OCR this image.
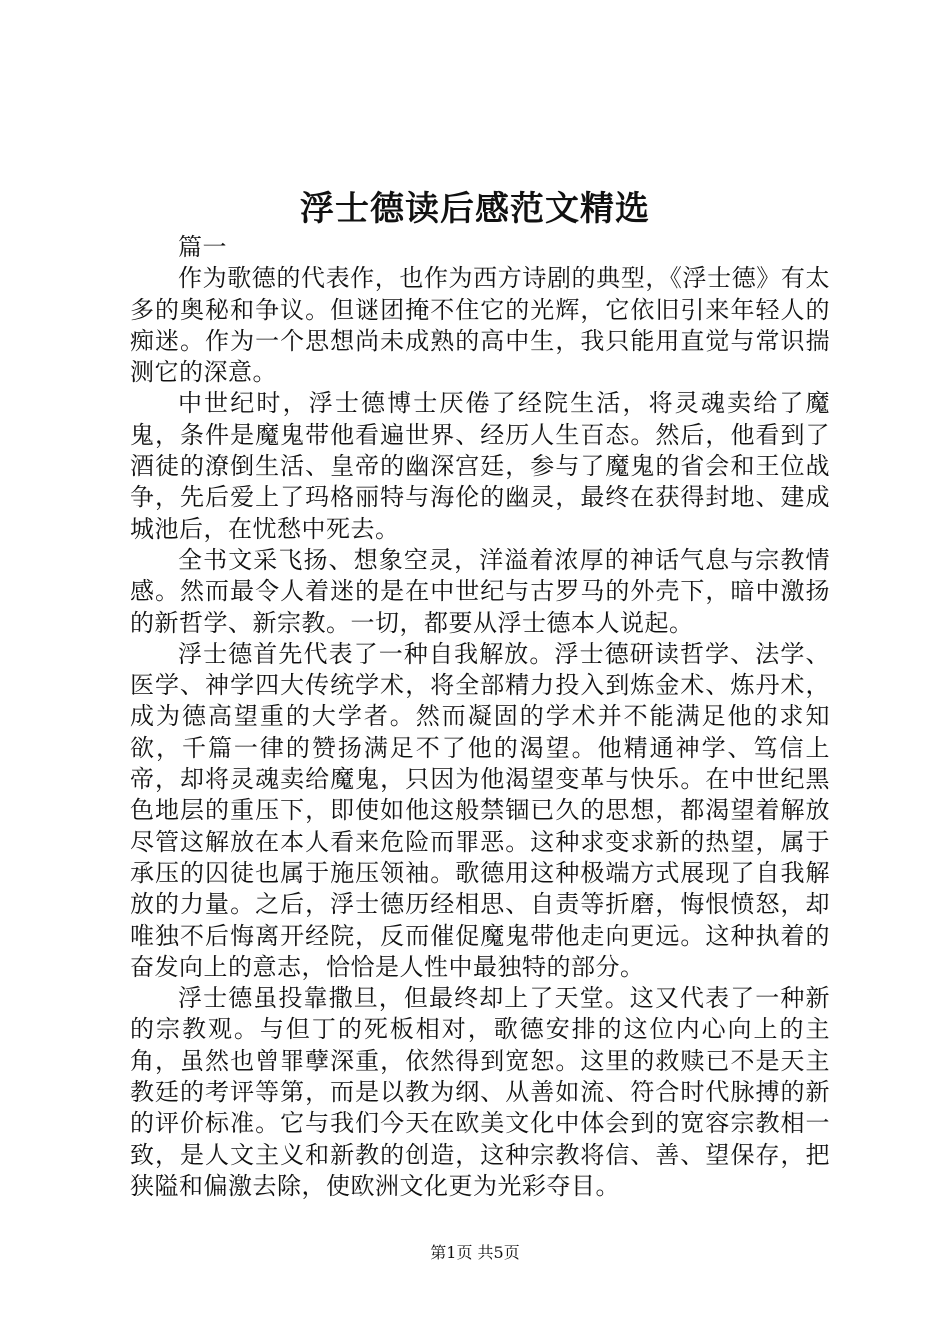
浮士德读后感范文精选

篇一

作为歌德的代表作，也作为西方诗剧的典型，《浮士德》有太多的奥秘和争议。但谜团掩不住它的光辉，它依旧引来年轻人的痴迷。作为一个思想尚未成熟的高中生，我只能用直觉与常识揣测它的深意。

中世纪时，浮士德博士厌倦了经院生活，将灵魂卖给了魔鬼，条件是魔鬼带他看遍世界、经历人生百态。然后，他看到了酒徒的潦倒生活、皇帝的幽深宫廷，参与了魔鬼的省会和王位战争，先后爱上了玛格丽特与海伦的幽灵，最终在获得封地、建成城池后，在忧愁中死去。

全书文采飞扬、想象空灵，洋溢着浓厚的神话气息与宗教情感。然而最令人着迷的是在中世纪与古罗马的外壳下，暗中激扬的新哲学、新宗教。一切，都要从浮士德本人说起。

浮士德首先代表了一种自我解放。浮士德研读哲学、法学、医学、神学四大传统学术，将全部精力投入到炼金术、炼丹术，成为德高望重的大学者。然而凝固的学术并不能满足他的求知欲，千篇一律的赞扬满足不了他的渴望。他精通神学、笃信上帝，却将灵魂卖给魔鬼，只因为他渴望变革与快乐。在中世纪黑色地层的重压下，即使如他这般禁锢已久的思想，都渴望着解放尽管这解放在本人看来危险而罪恶。这种求变求新的热望，属于承压的囚徒也属于施压领袖。歌德用这种极端方式展现了自我解放的力量。之后，浮士德历经相思、自责等折磨，悔恨愤怒，却唯独不后悔离开经院，反而催促魔鬼带他走向更远。这种执着的奋发向上的意志，恰恰是人性中最独特的部分。

浮士德虽投靠撒旦，但最终却上了天堂。这又代表了一种新的宗教观。与但丁的死板相对，歌德安排的这位内心向上的主角，虽然也曾罪孽深重，依然得到宽恕。这里的救赎已不是天主教廷的考评等第，而是以教为纲、从善如流、符合时代脉搏的新的评价标准。它与我们今天在欧美文化中体会到的宽容宗教相一致，是人文主义和新教的创造，这种宗教将信、善、望保存，把狭隘和偏激去除，使欧洲文化更为光彩夺目。

第1页 共5页
